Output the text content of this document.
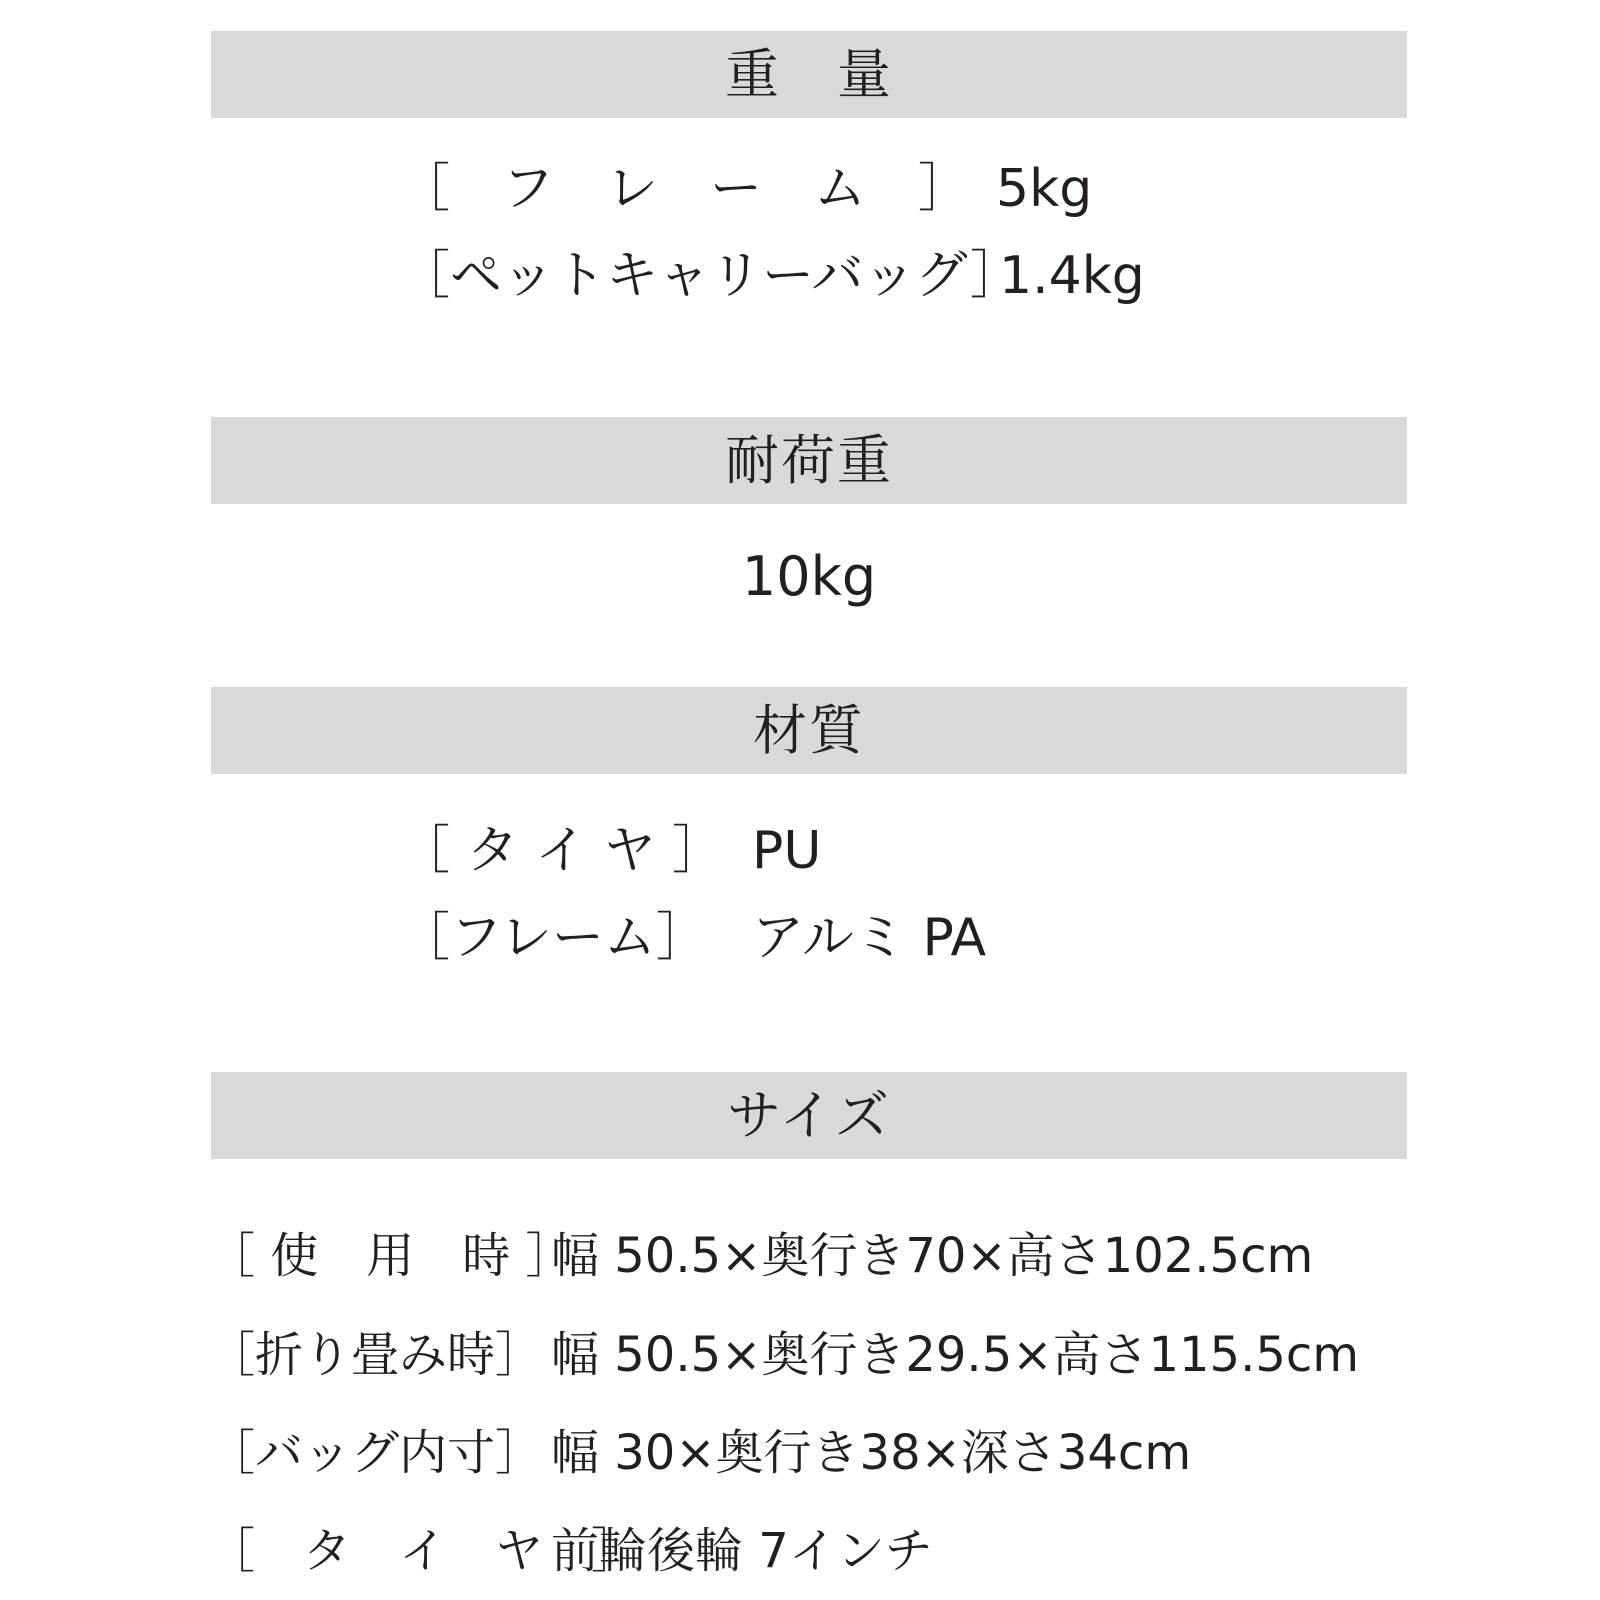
重　量
［　フ　レ　ー　ム　］ 5kg
［ペットキャリーバッグ］
1.4kg
耐荷重
10kg
材質
［ タ イ ヤ ］ PU
［フレーム］ アルミ PA
サイズ
［ 使　用　時 ］
幅 50.5×奥行き70×高さ102.5cm
［折り畳み時］ 幅 50.5×奥行き29.5×高さ115.5cm
［バッグ内寸］ 幅 30×奥行き38×深さ34cm
［　タ　イ　ヤ　］
前輪後輪 7インチ
